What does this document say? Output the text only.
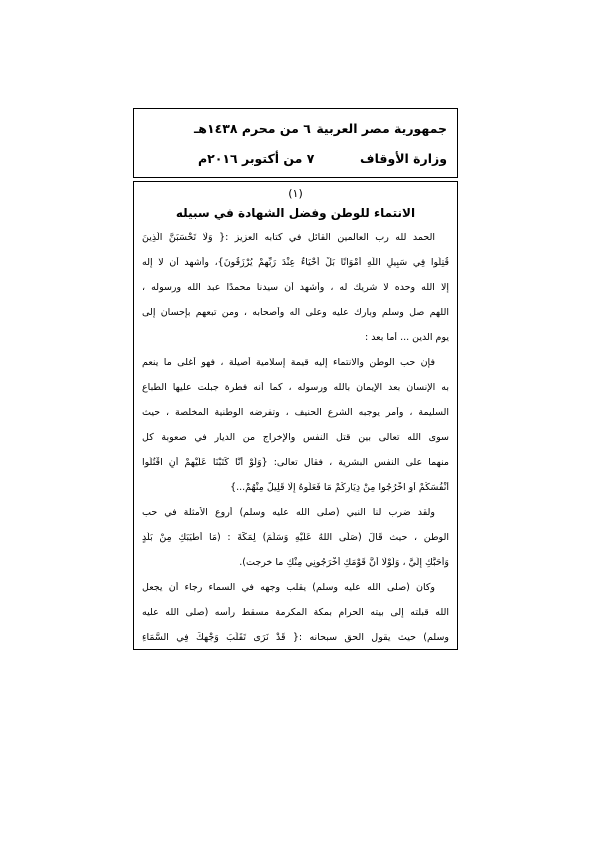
جمهورية مصر العربية
٦ من محرم ١٤٣٨هـ
وزارة الأوقاف
٧ من أكتوبر ٢٠١٦م
(١)
الانتماء للوطن وفضل الشهادة في سبيله
الحمد لله رب العالمين القائل في كتابه العزيز :{ وَلَا تَحْسَبَنَّ الَّذِينَ
قُتِلُوا فِي سَبِيلِ اللَّهِ أَمْوَاتًا بَلْ أَحْيَاءٌ عِنْدَ رَبِّهِمْ يُرْزَقُونَ}، وأشهد أن لا إله
إلا الله وحده لا شريك له ، وأشهد أن سيدنا محمدًا عبد الله ورسوله ،
اللهم صل وسلم وبارك عليه وعلى آله وأصحابه ، ومن تبعهم بإحسان إلى
يوم الدين ... أما بعد :
فإن حب الوطن والانتماء إليه قيمة إسلامية أصيلة ، فهو أغلى ما ينعم
به الإنسان بعد الإيمان بالله ورسوله ، كما أنه فطرة جبلت عليها الطباع
السليمة ، وأمر يوجبه الشرع الحنيف ، وتفرضه الوطنية المخلصة ، حيث
سوى الله تعالى بين قتل النفس والإخراج من الديار في صعوبة كل
منهما على النفس البشرية ، فقال تعالى: {وَلَوْ أَنَّا كَتَبْنَا عَلَيْهِمْ أَنِ اقْتُلُوا
أَنْفُسَكُمْ أَوِ اخْرُجُوا مِنْ دِيَارِكُمْ مَا فَعَلُوهُ إِلَّا قَلِيلٌ مِنْهُمْ...}
ولقد ضرب لنا النبي (صلى الله عليه وسلم) أروع الأمثلة في حب
الوطن ، حيث قَالَ (صَلَّى اللهُ عَلَيْهِ وَسَلَّمَ) لِمَكَّةَ : (مَا أَطْيَبَكِ مِنْ بَلَدٍ
وَأَحَبَّكِ إِلَيَّ ، وَلَوْلَا أَنَّ قَوْمَكِ أَخْرَجُونِي مِنْكِ ما خرجت).
وكان (صلى الله عليه وسلم) يقلب وجهه في السماء رجاء أن يجعل
الله قبلته إلى بيته الحرام بمكة المكرمة مسقط رأسه (صلى الله عليه
وسلم) حيث يقول الحق سبحانه :{ قَدْ نَرَى تَقَلُّبَ وَجْهِكَ فِي السَّمَاءِ
